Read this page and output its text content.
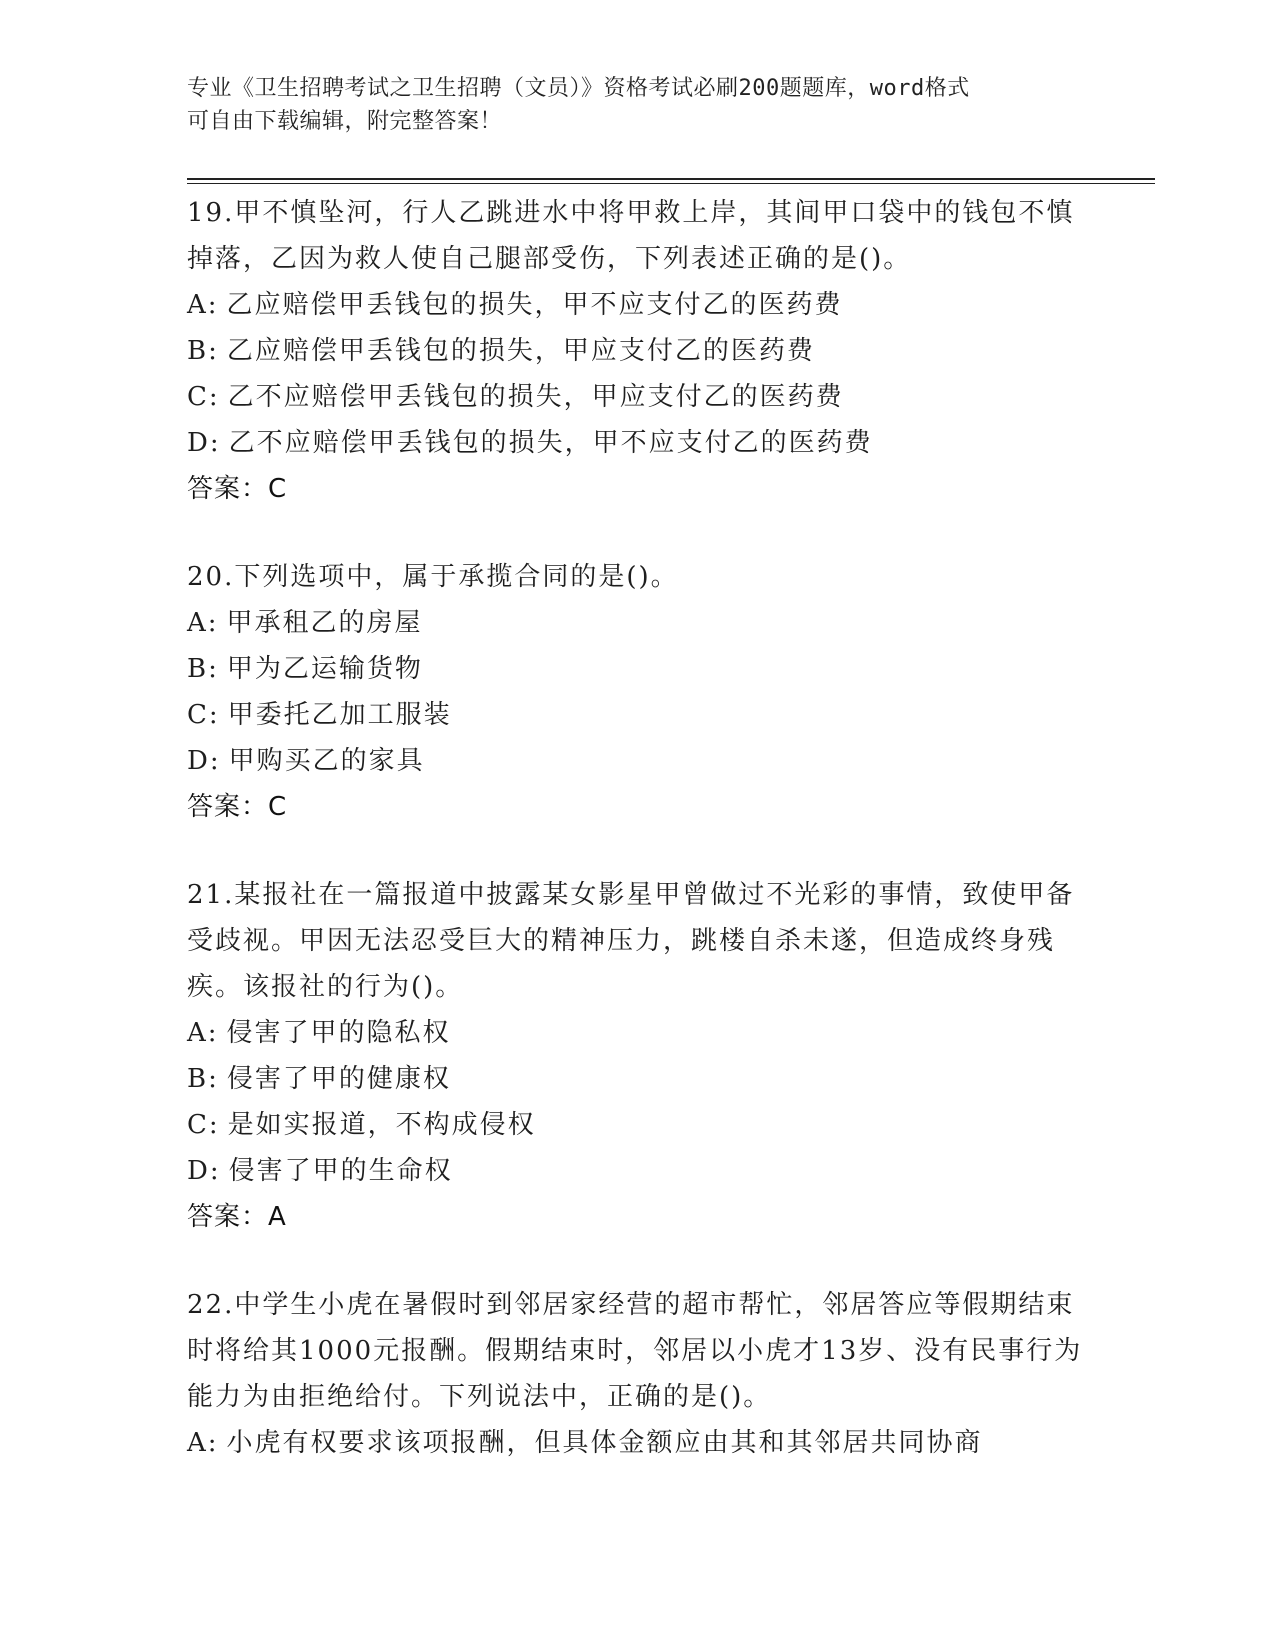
专业《卫生招聘考试之卫生招聘（文员）》资格考试必刷200题题库，word格式
可自由下载编辑，附完整答案！

19.甲不慎坠河，行人乙跳进水中将甲救上岸，其间甲口袋中的钱包不慎掉落，乙因为救人使自己腿部受伤，下列表述正确的是()。

A: 乙应赔偿甲丢钱包的损失，甲不应支付乙的医药费

B: 乙应赔偿甲丢钱包的损失，甲应支付乙的医药费

C: 乙不应赔偿甲丢钱包的损失，甲应支付乙的医药费

D: 乙不应赔偿甲丢钱包的损失，甲不应支付乙的医药费

答案：C

20.下列选项中，属于承揽合同的是()。

A: 甲承租乙的房屋

B: 甲为乙运输货物

C: 甲委托乙加工服装

D: 甲购买乙的家具

答案：C

21.某报社在一篇报道中披露某女影星甲曾做过不光彩的事情，致使甲备受歧视。甲因无法忍受巨大的精神压力，跳楼自杀未遂，但造成终身残疾。该报社的行为()。

A: 侵害了甲的隐私权

B: 侵害了甲的健康权

C: 是如实报道，不构成侵权

D: 侵害了甲的生命权

答案：A

22.中学生小虎在暑假时到邻居家经营的超市帮忙，邻居答应等假期结束时将给其1000元报酬。假期结束时，邻居以小虎才13岁、没有民事行为能力为由拒绝给付。下列说法中，正确的是()。

A: 小虎有权要求该项报酬，但具体金额应由其和其邻居共同协商
